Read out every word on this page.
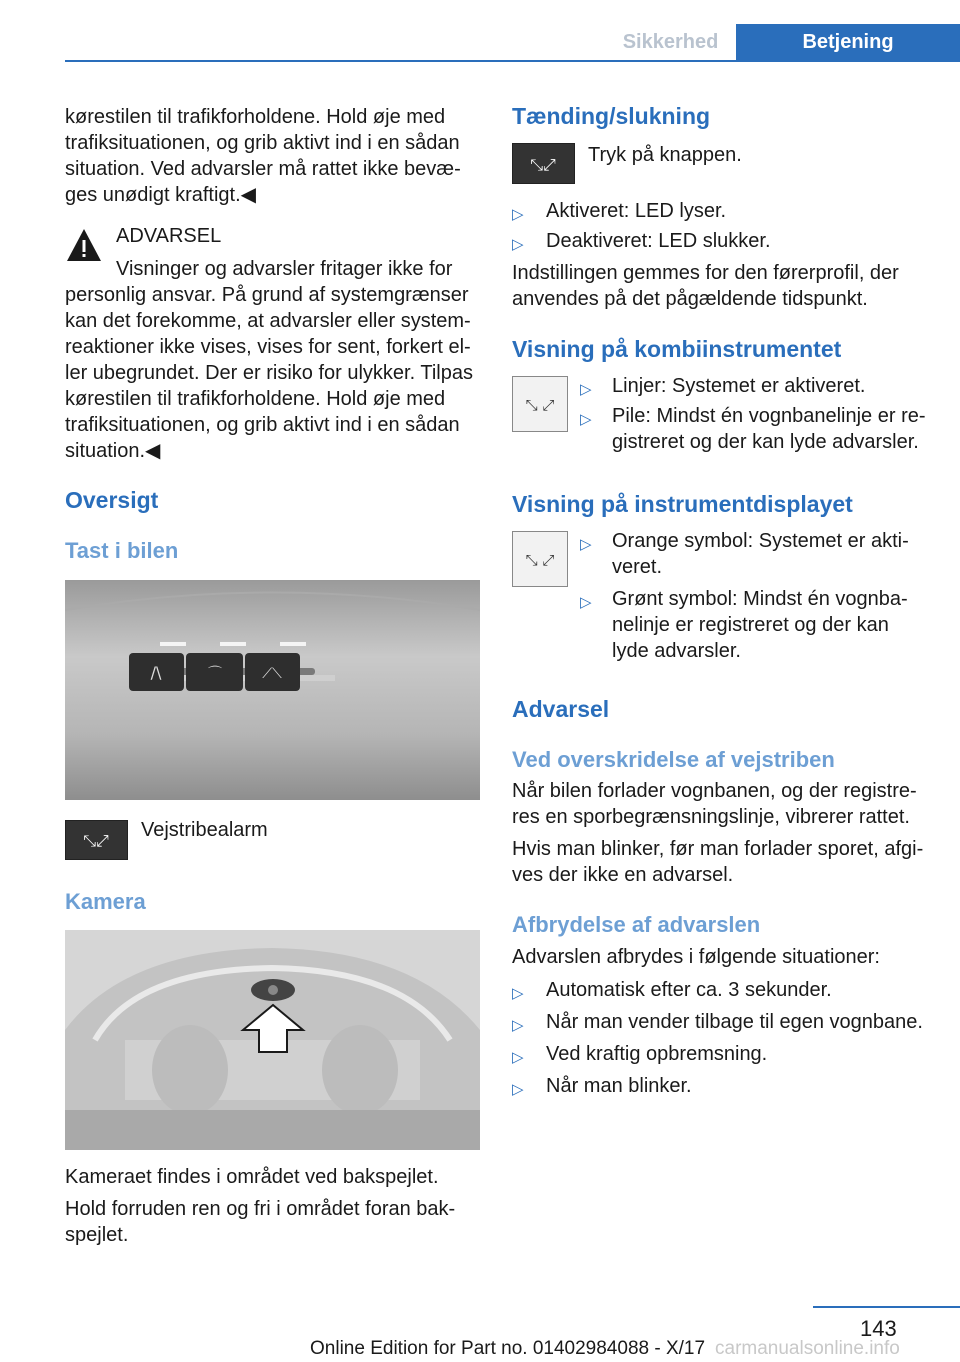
Sikkerhed	Betjening
kørestilen til trafikforholdene. Hold øje med
trafiksituationen, og grib aktivt ind i en sådan
situation. Ved advarsler må rattet ikke bevæ‐
ges unødigt kraftigt.◀
ADVARSEL
Visninger og advarsler fritager ikke for
personlig ansvar. På grund af systemgrænser
kan det forekomme, at advarsler eller system‐
reaktioner ikke vises, vises for sent, forkert el‐
ler ubegrundet. Der er risiko for ulykker. Tilpas
kørestilen til trafikforholdene. Hold øje med
trafiksituationen, og grib aktivt ind i en sådan
situation.◀
Oversigt
Tast i bilen
/\	⌒	⟋⟍
⤡⤢ Vejstribealarm
Kamera
Kameraet findes i området ved bakspejlet.
Hold forruden ren og fri i området foran bak‐
spejlet.
Tænding/slukning
⤡⤢ Tryk på knappen.
▷ Aktiveret: LED lyser.
▷ Deaktiveret: LED slukker.
Indstillingen gemmes for den førerprofil, der
anvendes på det pågældende tidspunkt.
Visning på kombiinstrumentet
⤡ ⤢
▷ Linjer: Systemet er aktiveret.
▷ Pile: Mindst én vognbanelinje er re‐
gistreret og der kan lyde advarsler.
Visning på instrumentdisplayet
⤡ ⤢
▷ Orange symbol: Systemet er akti‐
veret.
▷ Grønt symbol: Mindst én vognba‐
nelinje er registreret og der kan
lyde advarsler.
Advarsel
Ved overskridelse af vejstriben
Når bilen forlader vognbanen, og der registre‐
res en sporbegrænsningslinje, vibrerer rattet.
Hvis man blinker, før man forlader sporet, afgi‐
ves der ikke en advarsel.
Afbrydelse af advarslen
Advarslen afbrydes i følgende situationer:
▷ Automatisk efter ca. 3 sekunder.
▷ Når man vender tilbage til egen vognbane.
▷ Ved kraftig opbremsning.
▷ Når man blinker.
143
Online Edition for Part no. 01402984088 - X/17 carmanualsonline.info
